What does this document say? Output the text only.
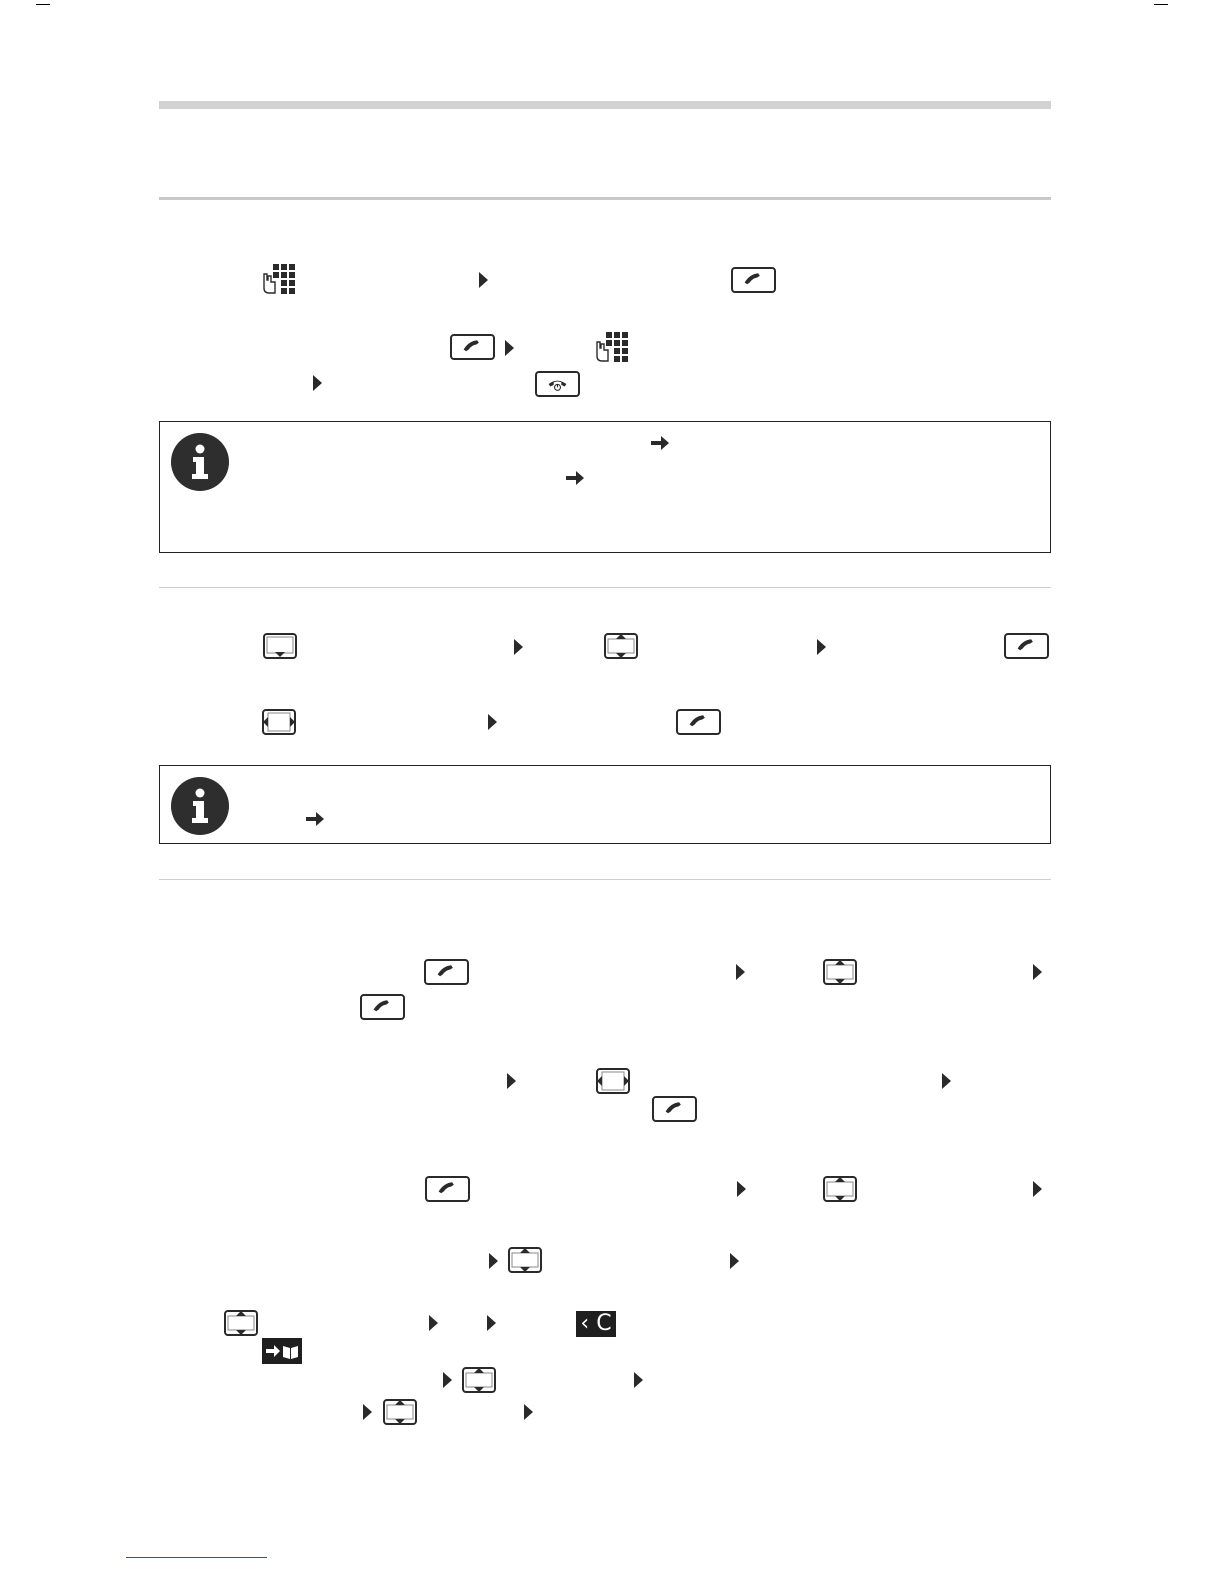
‹ C
